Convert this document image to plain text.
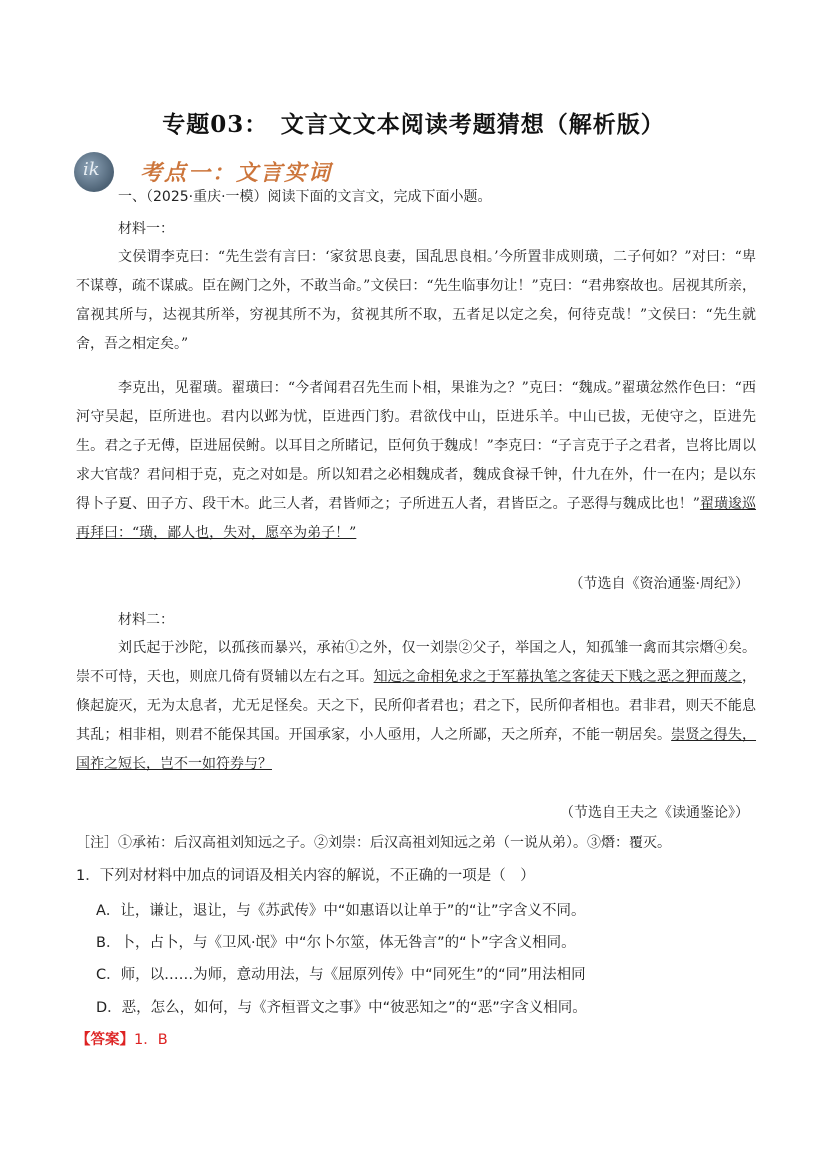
专题03：　文言文文本阅读考题猜想（解析版）
ik 考点一：文言实词
一、（2025·重庆·一模）阅读下面的文言文，完成下面小题。
材料一：
文侯谓李克曰：“先生尝有言曰：‘家贫思良妻，国乱思良相。’今所置非成则璜，二子何如？”对曰：“卑不谋尊，疏不谋戚。臣在阙门之外，不敢当命。”文侯曰：“先生临事勿让！”克曰：“君弗察故也。居视其所亲，富视其所与，达视其所举，穷视其所不为，贫视其所不取，五者足以定之矣，何待克哉！”文侯曰：“先生就舍，吾之相定矣。”
李克出，见翟璜。翟璜曰：“今者闻君召先生而卜相，果谁为之？”克曰：“魏成。”翟璜忿然作色曰：“西河守吴起，臣所进也。君内以邺为忧，臣进西门豹。君欲伐中山，臣进乐羊。中山已拔，无使守之，臣进先生。君之子无傅，臣进屈侯鲋。以耳目之所睹记，臣何负于魏成！”李克曰：“子言克于子之君者，岂将比周以求大官哉？君问相于克，克之对如是。所以知君之必相魏成者，魏成食禄千钟，什九在外，什一在内；是以东得卜子夏、田子方、段干木。此三人者，君皆师之；子所进五人者，君皆臣之。子恶得与魏成比也！”翟璜逡巡再拜曰：“璜，鄙人也，失对，愿卒为弟子！”
（节选自《资治通鉴·周纪》）
材料二：
刘氏起于沙陀，以孤孩而暴兴，承祐①之外，仅一刘崇②父子，举国之人，知孤雏一禽而其宗熸④矣。崇不可恃，天也，则庶几倚有贤辅以左右之耳。知远之命相免求之于军幕执笔之客徒天下贱之恶之狎而蔑之，倏起旋灭，无为太息者，尤无足怪矣。天之下，民所仰者君也；君之下，民所仰者相也。君非君，则天不能息其乱；相非相，则君不能保其国。开国承家，小人亟用，人之所鄙，天之所弃，不能一朝居矣。崇贤之得失，国祚之短长，岂不一如符券与？
（节选自王夫之《读通鉴论》）
［注］①承祐：后汉高祖刘知远之子。②刘崇：后汉高祖刘知远之弟（一说从弟）。③熸：覆灭。
1．下列对材料中加点的词语及相关内容的解说，不正确的一项是（　）
A．让，谦让，退让，与《苏武传》中“如惠语以让单于”的“让”字含义不同。
B．卜，占卜，与《卫风·氓》中“尔卜尔筮，体无咎言”的“卜”字含义相同。
C．师，以……为师，意动用法，与《屈原列传》中“同死生”的“同”用法相同
D．恶，怎么，如何，与《齐桓晋文之事》中“彼恶知之”的“恶”字含义相同。
【答案】1．B
